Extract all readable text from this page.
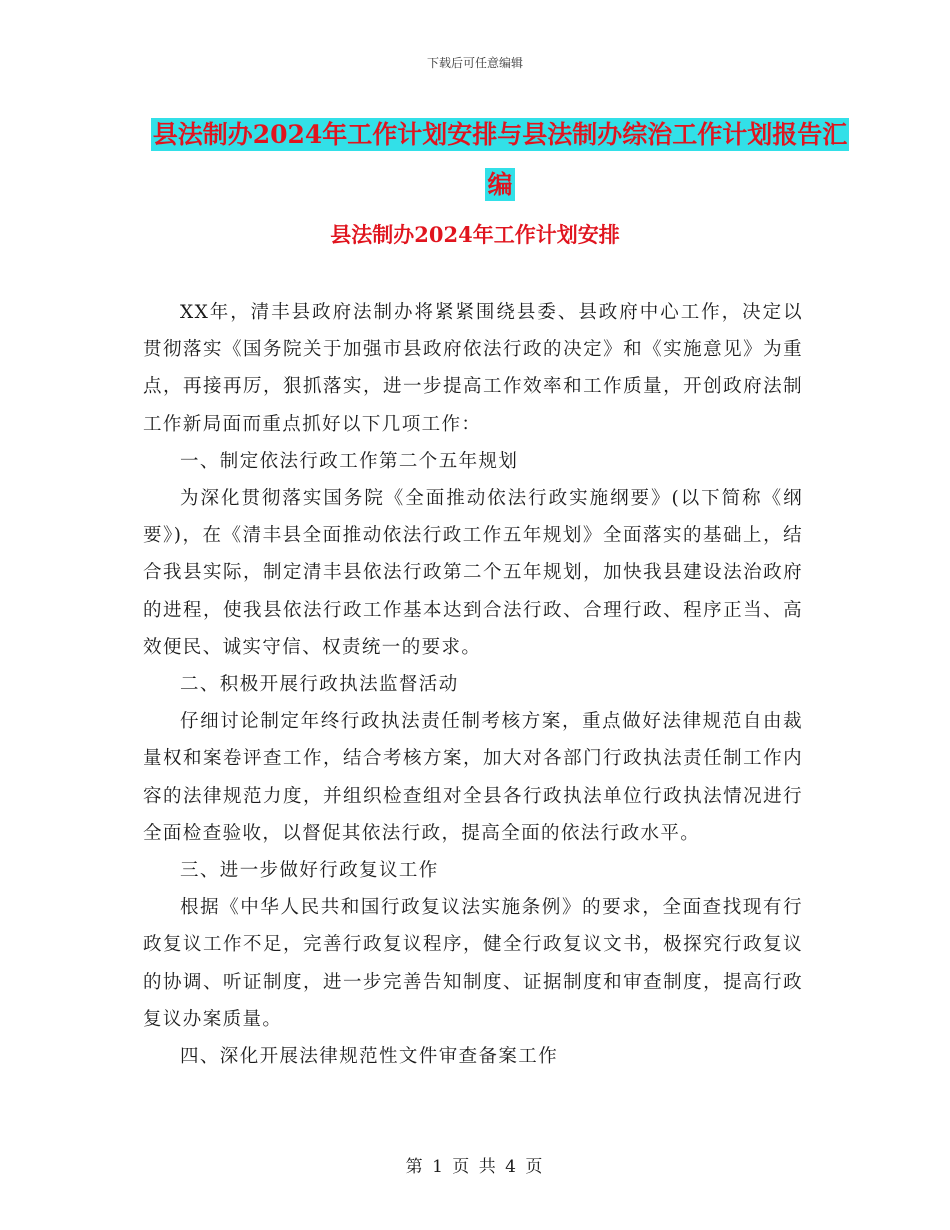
下载后可任意编辑
县法制办2024年工作计划安排与县法制办综治工作计划报告汇编
县法制办2024年工作计划安排

XX年，清丰县政府法制办将紧紧围绕县委、县政府中心工作，决定以贯彻落实《国务院关于加强市县政府依法行政的决定》和《实施意见》为重点，再接再厉，狠抓落实，进一步提高工作效率和工作质量，开创政府法制工作新局面而重点抓好以下几项工作：

一、制定依法行政工作第二个五年规划

为深化贯彻落实国务院《全面推动依法行政实施纲要》(以下简称《纲要》)，在《清丰县全面推动依法行政工作五年规划》全面落实的基础上，结合我县实际，制定清丰县依法行政第二个五年规划，加快我县建设法治政府的进程，使我县依法行政工作基本达到合法行政、合理行政、程序正当、高效便民、诚实守信、权责统一的要求。

二、积极开展行政执法监督活动

仔细讨论制定年终行政执法责任制考核方案，重点做好法律规范自由裁量权和案卷评查工作，结合考核方案，加大对各部门行政执法责任制工作内容的法律规范力度，并组织检查组对全县各行政执法单位行政执法情况进行全面检查验收，以督促其依法行政，提高全面的依法行政水平。

三、进一步做好行政复议工作

根据《中华人民共和国行政复议法实施条例》的要求，全面查找现有行政复议工作不足，完善行政复议程序，健全行政复议文书，极探究行政复议的协调、听证制度，进一步完善告知制度、证据制度和审查制度，提高行政复议办案质量。

四、深化开展法律规范性文件审查备案工作

第 1 页 共 4 页
